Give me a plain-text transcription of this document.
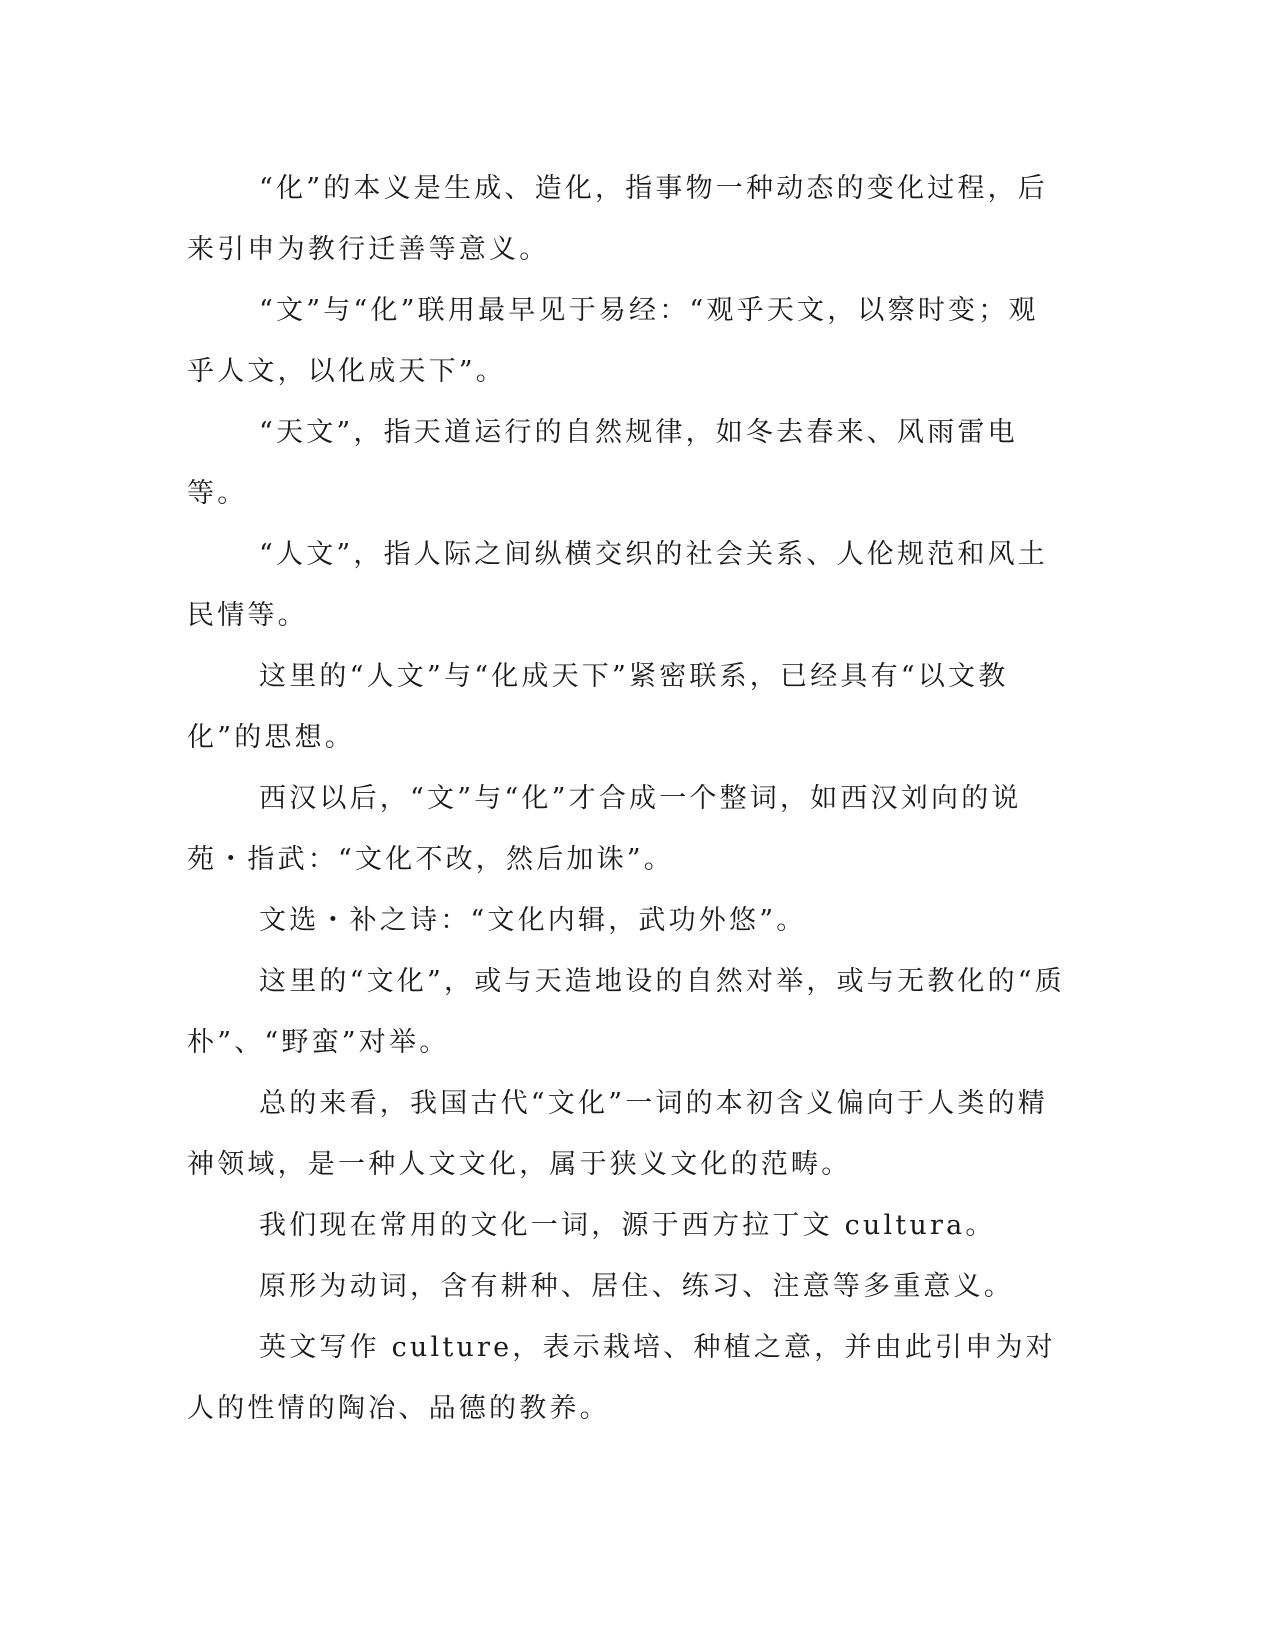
“化”的本义是生成、造化，指事物一种动态的变化过程，后来引申为教行迁善等意义。

“文”与“化”联用最早见于易经：“观乎天文，以察时变；观乎人文，以化成天下”。

“天文”，指天道运行的自然规律，如冬去春来、风雨雷电等。

“人文”，指人际之间纵横交织的社会关系、人伦规范和风土民情等。

这里的“人文”与“化成天下”紧密联系，已经具有“以文教化”的思想。

西汉以后，“文”与“化”才合成一个整词，如西汉刘向的说苑・指武：“文化不改，然后加诛”。

文选・补之诗：“文化内辑，武功外悠”。

这里的“文化”，或与天造地设的自然对举，或与无教化的“质朴”、“野蛮”对举。

总的来看，我国古代“文化”一词的本初含义偏向于人类的精神领域，是一种人文文化，属于狭义文化的范畴。

我们现在常用的文化一词，源于西方拉丁文 cultura。

原形为动词，含有耕种、居住、练习、注意等多重意义。

英文写作 culture，表示栽培、种植之意，并由此引申为对人的性情的陶冶、品德的教养。
